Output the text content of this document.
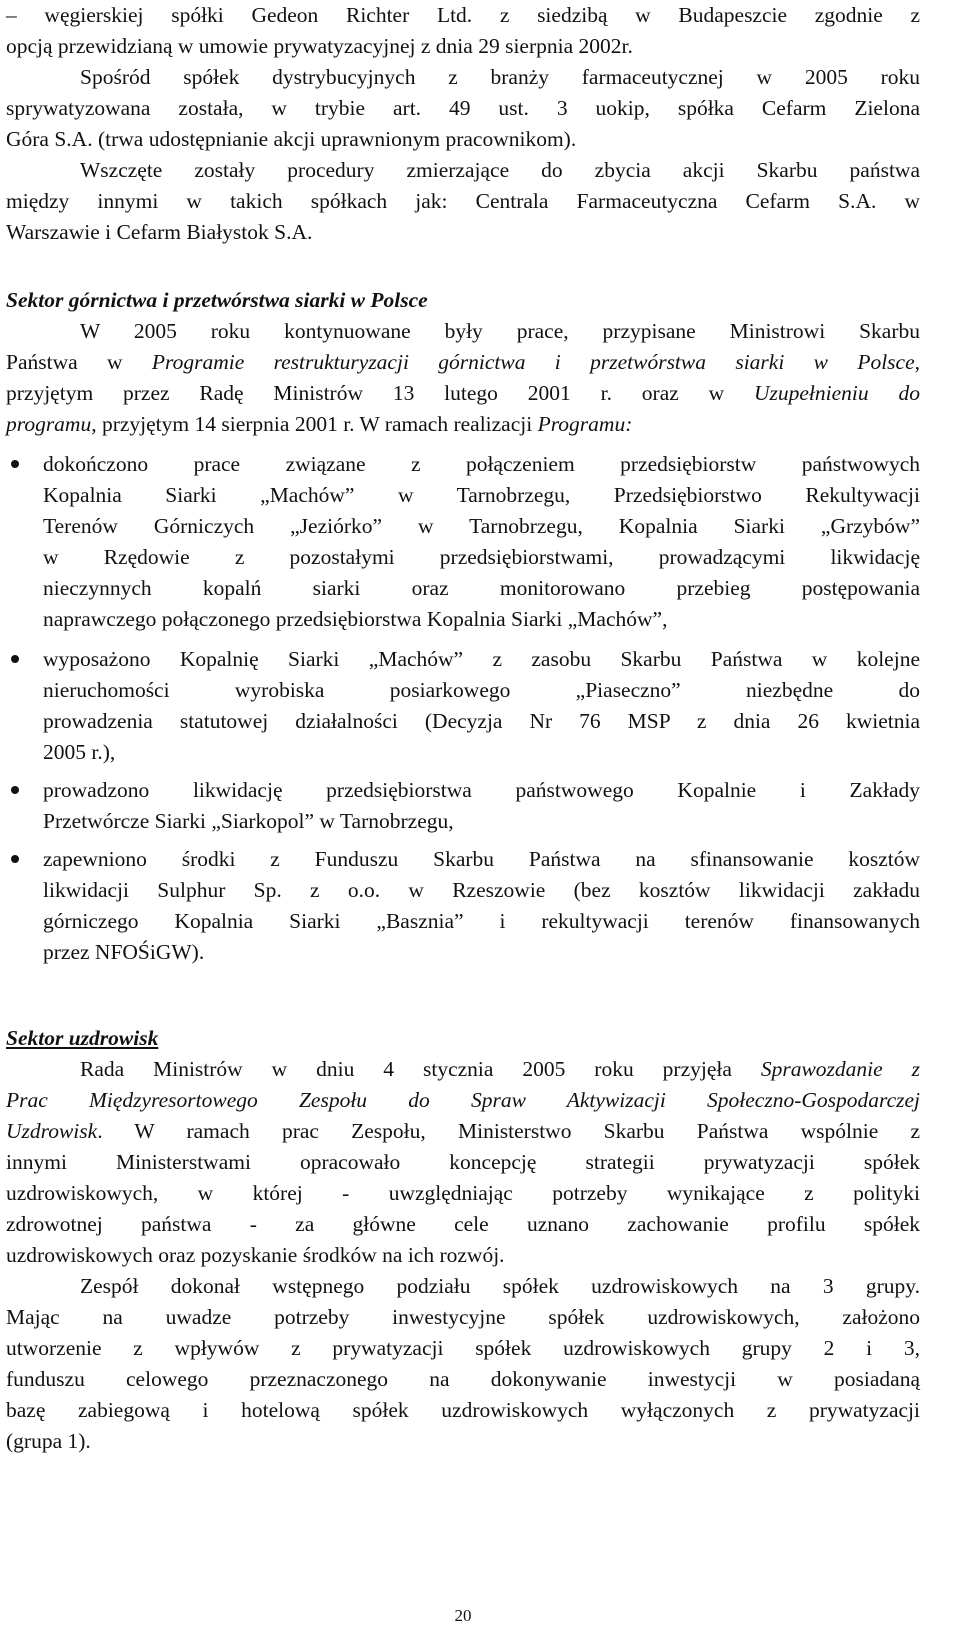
– węgierskiej spółki Gedeon Richter Ltd. z siedzibą w Budapeszcie zgodnie z
opcją przewidzianą w umowie prywatyzacyjnej z dnia 29 sierpnia 2002r.
Spośród spółek dystrybucyjnych z branży farmaceutycznej w 2005 roku
sprywatyzowana została, w trybie art. 49 ust. 3 uokip, spółka Cefarm Zielona
Góra S.A. (trwa udostępnianie akcji uprawnionym pracownikom).
Wszczęte zostały procedury zmierzające do zbycia akcji Skarbu państwa
między innymi w takich spółkach jak: Centrala Farmaceutyczna Cefarm S.A. w
Warszawie i Cefarm Białystok S.A.
Sektor górnictwa i przetwórstwa siarki w Polsce
W 2005 roku kontynuowane były prace, przypisane Ministrowi Skarbu
Państwa w Programie restrukturyzacji górnictwa i przetwórstwa siarki w Polsce,
przyjętym przez Radę Ministrów 13 lutego 2001 r. oraz w Uzupełnieniu do
programu, przyjętym 14 sierpnia 2001 r. W ramach realizacji Programu:
dokończono prace związane z połączeniem przedsiębiorstw państwowych
Kopalnia Siarki „Machów” w Tarnobrzegu, Przedsiębiorstwo Rekultywacji
Terenów Górniczych „Jeziórko” w Tarnobrzegu, Kopalnia Siarki „Grzybów”
w Rzędowie z pozostałymi przedsiębiorstwami, prowadzącymi likwidację
nieczynnych kopalń siarki oraz monitorowano przebieg postępowania
naprawczego połączonego przedsiębiorstwa Kopalnia Siarki „Machów”,
wyposażono Kopalnię Siarki „Machów” z zasobu Skarbu Państwa w kolejne
nieruchomości wyrobiska posiarkowego „Piaseczno” niezbędne do
prowadzenia statutowej działalności (Decyzja Nr 76 MSP z dnia 26 kwietnia
2005 r.),
prowadzono likwidację przedsiębiorstwa państwowego Kopalnie i Zakłady
Przetwórcze Siarki „Siarkopol” w Tarnobrzegu,
zapewniono środki z Funduszu Skarbu Państwa na sfinansowanie kosztów
likwidacji Sulphur Sp. z o.o. w Rzeszowie (bez kosztów likwidacji zakładu
górniczego Kopalnia Siarki „Basznia” i rekultywacji terenów finansowanych
przez NFOŚiGW).
Sektor uzdrowisk
Rada Ministrów w dniu 4 stycznia 2005 roku przyjęła Sprawozdanie z
Prac Międzyresortowego Zespołu do Spraw Aktywizacji Społeczno-Gospodarczej
Uzdrowisk. W ramach prac Zespołu, Ministerstwo Skarbu Państwa wspólnie z
innymi Ministerstwami opracowało koncepcję strategii prywatyzacji spółek
uzdrowiskowych, w której - uwzględniając potrzeby wynikające z polityki
zdrowotnej państwa - za główne cele uznano zachowanie profilu spółek
uzdrowiskowych oraz pozyskanie środków na ich rozwój.
Zespół dokonał wstępnego podziału spółek uzdrowiskowych na 3 grupy.
Mając na uwadze potrzeby inwestycyjne spółek uzdrowiskowych, założono
utworzenie z wpływów z prywatyzacji spółek uzdrowiskowych grupy 2 i 3,
funduszu celowego przeznaczonego na dokonywanie inwestycji w posiadaną
bazę zabiegową i hotelową spółek uzdrowiskowych wyłączonych z prywatyzacji
(grupa 1).
20
